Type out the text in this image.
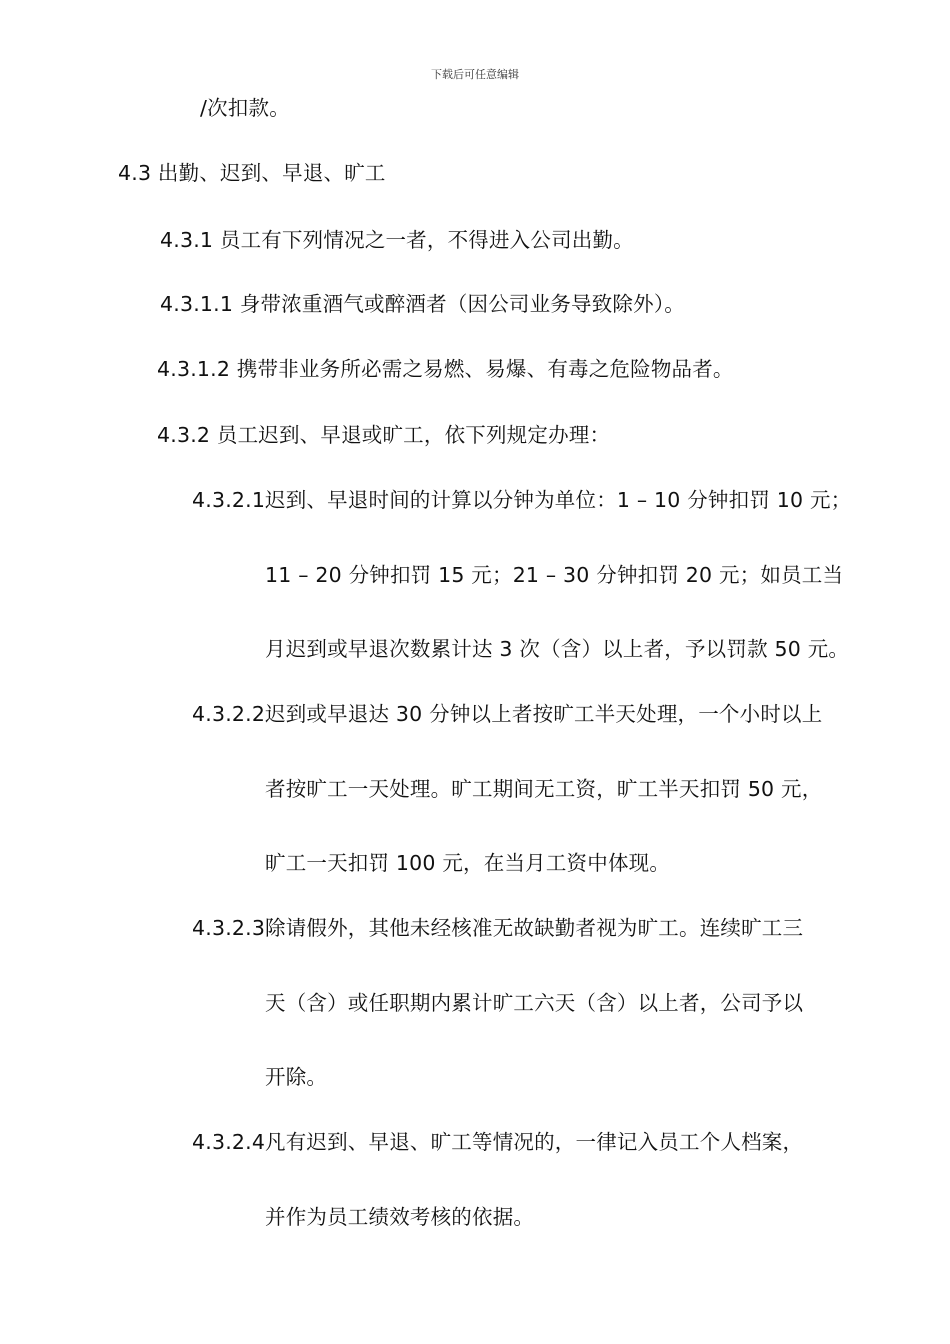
下载后可任意编辑
/次扣款。
4.3 出勤、迟到、早退、旷工
4.3.1 员工有下列情况之一者，不得进入公司出勤。
4.3.1.1 身带浓重酒气或醉酒者（因公司业务导致除外）。
4.3.1.2 携带非业务所必需之易燃、易爆、有毒之危险物品者。
4.3.2 员工迟到、早退或旷工，依下列规定办理：
4.3.2.1 迟到、早退时间的计算以分钟为单位：1 – 10 分钟扣罚 10 元；
11 – 20 分钟扣罚 15 元；21 – 30 分钟扣罚 20 元；如员工当
月迟到或早退次数累计达 3 次（含）以上者，予以罚款 50 元。
4.3.2.2 迟到或早退达 30 分钟以上者按旷工半天处理，一个小时以上
者按旷工一天处理。旷工期间无工资，旷工半天扣罚 50 元，
旷工一天扣罚 100 元，在当月工资中体现。
4.3.2.3 除请假外，其他未经核准无故缺勤者视为旷工。连续旷工三
天（含）或任职期内累计旷工六天（含）以上者，公司予以
开除。
4.3.2.4 凡有迟到、早退、旷工等情况的，一律记入员工个人档案，
并作为员工绩效考核的依据。
